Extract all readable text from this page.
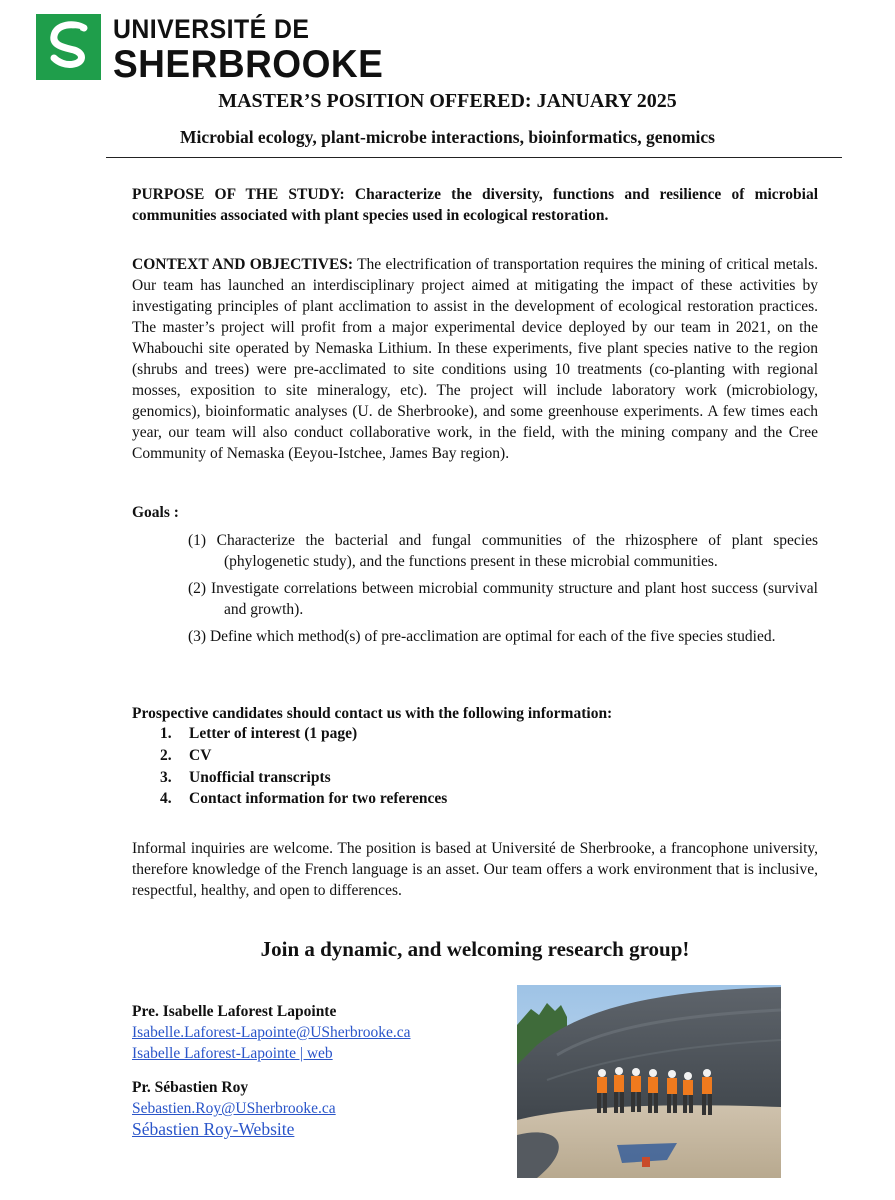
UNIVERSITÉ DE
SHERBROOKE
MASTER’S POSITION OFFERED: JANUARY 2025
Microbial ecology, plant-microbe interactions, bioinformatics, genomics
PURPOSE OF THE STUDY: Characterize the diversity, functions and resilience of microbial communities associated with plant species used in ecological restoration.
CONTEXT AND OBJECTIVES: The electrification of transportation requires the mining of critical metals. Our team has launched an interdisciplinary project aimed at mitigating the impact of these activities by investigating principles of plant acclimation to assist in the development of ecological restoration practices. The master’s project will profit from a major experimental device deployed by our team in 2021, on the Whabouchi site operated by Nemaska Lithium. In these experiments, five plant species native to the region (shrubs and trees) were pre-acclimated to site conditions using 10 treatments (co-planting with regional mosses, exposition to site mineralogy, etc). The project will include laboratory work (microbiology, genomics), bioinformatic analyses (U. de Sherbrooke), and some greenhouse experiments. A few times each year, our team will also conduct collaborative work, in the field, with the mining company and the Cree Community of Nemaska (Eeyou-Istchee, James Bay region).
Goals :
(1) Characterize the bacterial and fungal communities of the rhizosphere of plant species (phylogenetic study), and the functions present in these microbial communities.
(2) Investigate correlations between microbial community structure and plant host success (survival and growth).
(3) Define which method(s) of pre-acclimation are optimal for each of the five species studied.
Prospective candidates should contact us with the following information:
1.	Letter of interest (1 page)
2.	CV
3.	Unofficial transcripts
4.	Contact information for two references
Informal inquiries are welcome. The position is based at Université de Sherbrooke, a francophone university, therefore knowledge of the French language is an asset. Our team offers a work environment that is inclusive, respectful, healthy, and open to differences.
Join a dynamic, and welcoming research group!
Pre. Isabelle Laforest Lapointe
Isabelle.Laforest-Lapointe@USherbrooke.ca
Isabelle Laforest-Lapointe | web
Pr. Sébastien Roy
Sebastien.Roy@USherbrooke.ca
Sébastien Roy-Website
